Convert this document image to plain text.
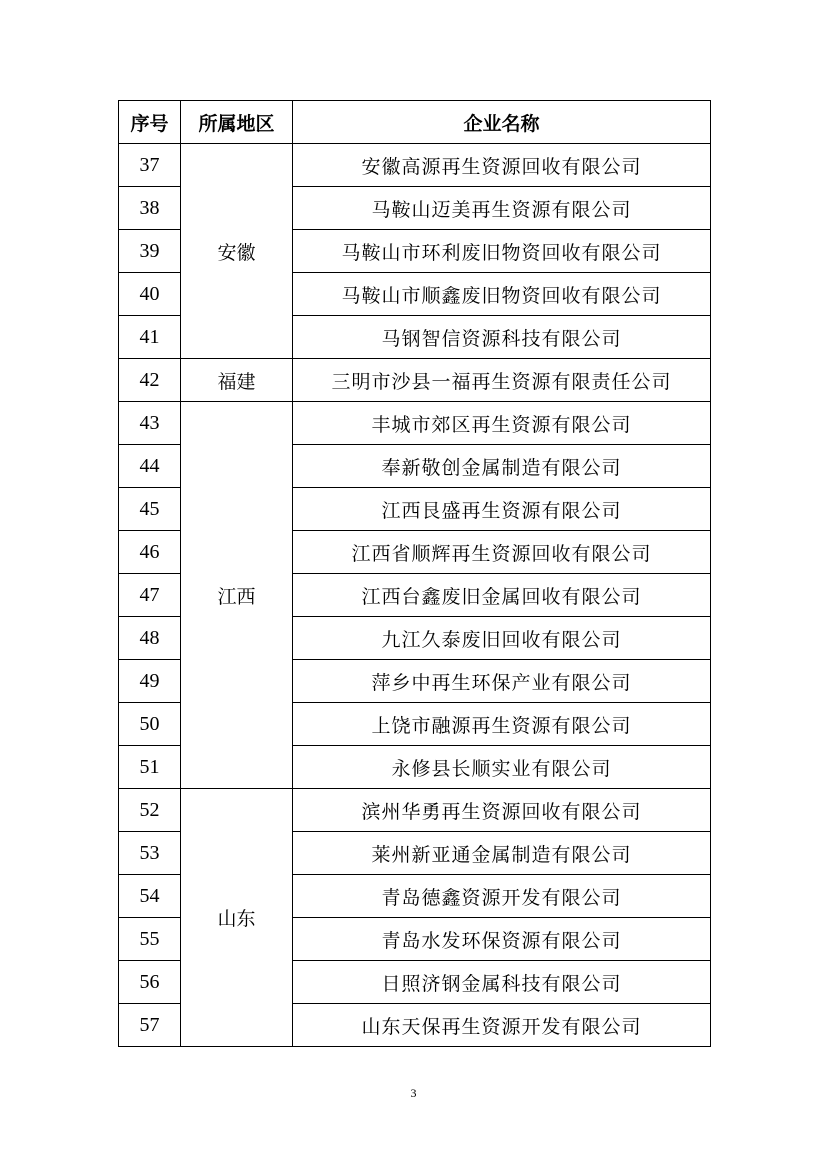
序号	所属地区	企业名称
37	安徽	安徽高源再生资源回收有限公司
38		马鞍山迈美再生资源有限公司
39		马鞍山市环利废旧物资回收有限公司
40		马鞍山市顺鑫废旧物资回收有限公司
41		马钢智信资源科技有限公司
42	福建	三明市沙县一福再生资源有限责任公司
43	江西	丰城市郊区再生资源有限公司
44		奉新敬创金属制造有限公司
45		江西艮盛再生资源有限公司
46		江西省顺辉再生资源回收有限公司
47		江西台鑫废旧金属回收有限公司
48		九江久泰废旧回收有限公司
49		萍乡中再生环保产业有限公司
50		上饶市融源再生资源有限公司
51		永修县长顺实业有限公司
52	山东	滨州华勇再生资源回收有限公司
53		莱州新亚通金属制造有限公司
54		青岛德鑫资源开发有限公司
55		青岛水发环保资源有限公司
56		日照济钢金属科技有限公司
57		山东天保再生资源开发有限公司
3
